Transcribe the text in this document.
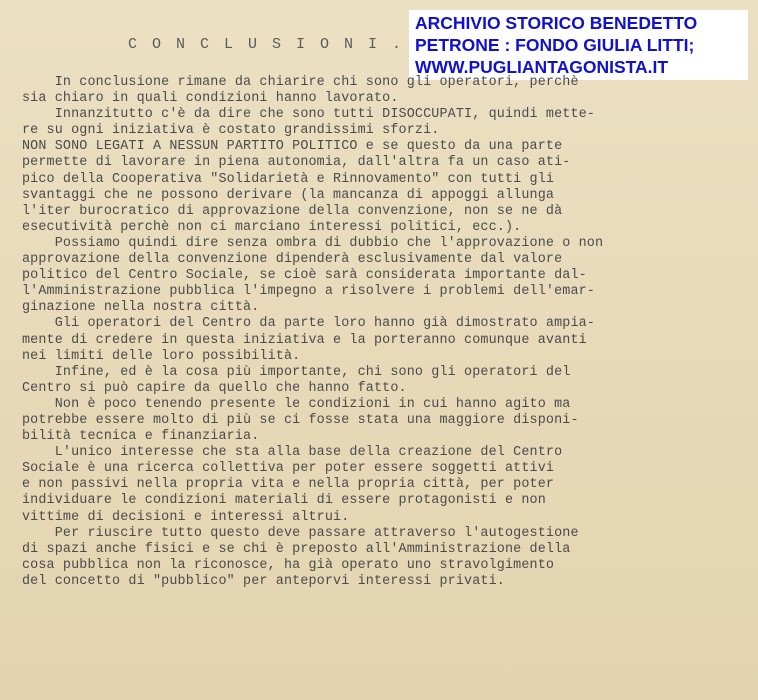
ARCHIVIO STORICO BENEDETTO
PETRONE : FONDO GIULIA LITTI;
WWW.PUGLIANTAGONISTA.IT
C O N C L U S I O N I .
In conclusione rimane da chiarire chi sono gli operatori, perchè
sia chiaro in quali condizioni hanno lavorato.
Innanzitutto c'è da dire che sono tutti DISOCCUPATI, quindi mette-
re su ogni iniziativa è costato grandissimi sforzi.
NON SONO LEGATI A NESSUN PARTITO POLITICO e se questo da una parte
permette di lavorare in piena autonomia, dall'altra fa un caso ati-
pico della Cooperativa "Solidarietà e Rinnovamento" con tutti gli
svantaggi che ne possono derivare (la mancanza di appoggi allunga
l'iter burocratico di approvazione della convenzione, non se ne dà
esecutività perchè non ci marciano interessi politici, ecc.).
Possiamo quindi dire senza ombra di dubbio che l'approvazione o non
approvazione della convenzione dipenderà esclusivamente dal valore
politico del Centro Sociale, se cioè sarà considerata importante dal-
l'Amministrazione pubblica l'impegno a risolvere i problemi dell'emar-
ginazione nella nostra città.
Gli operatori del Centro da parte loro hanno già dimostrato ampia-
mente di credere in questa iniziativa e la porteranno comunque avanti
nei limiti delle loro possibilità.
Infine, ed è la cosa più importante, chi sono gli operatori del
Centro si può capire da quello che hanno fatto.
Non è poco tenendo presente le condizioni in cui hanno agito ma
potrebbe essere molto di più se ci fosse stata una maggiore disponi-
bilità tecnica e finanziaria.
L'unico interesse che sta alla base della creazione del Centro
Sociale è una ricerca collettiva per poter essere soggetti attivi
e non passivi nella propria vita e nella propria città, per poter
individuare le condizioni materiali di essere protagonisti e non
vittime di decisioni e interessi altrui.
Per riuscire tutto questo deve passare attraverso l'autogestione
di spazi anche fisici e se chi è preposto all'Amministrazione della
cosa pubblica non la riconosce, ha già operato uno stravolgimento
del concetto di "pubblico" per anteporvi interessi privati.
